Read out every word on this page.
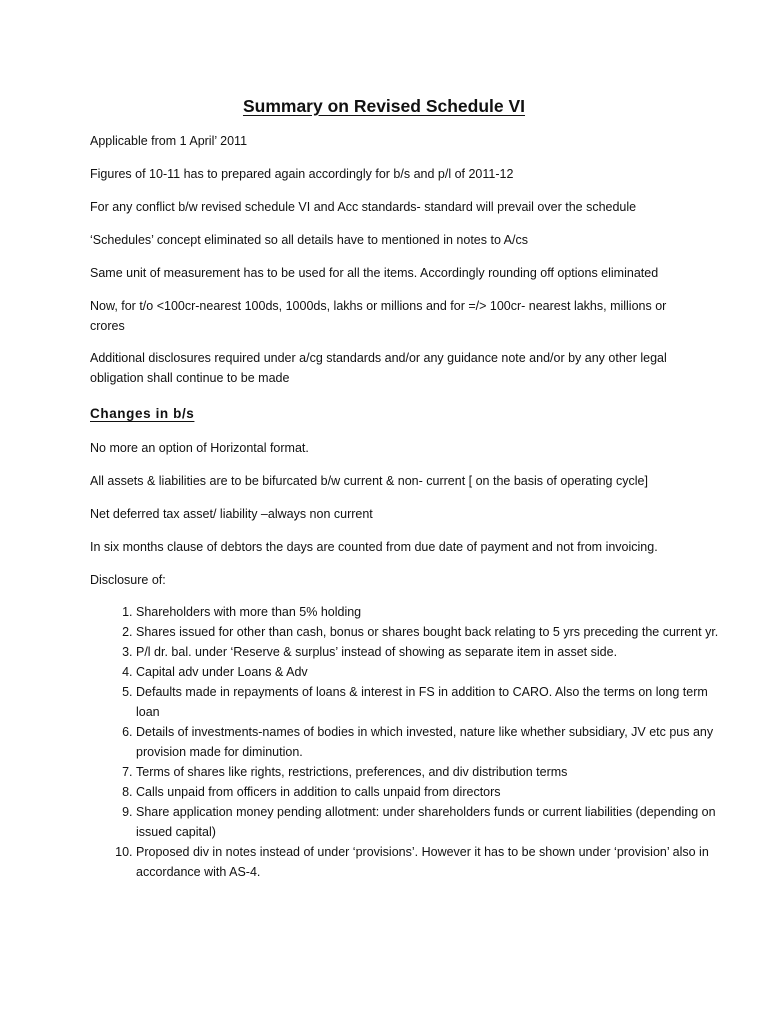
Summary on Revised Schedule VI
Applicable from 1 April’ 2011
Figures of 10-11 has to prepared again accordingly for b/s and p/l of 2011-12
For any conflict b/w revised schedule VI and Acc standards- standard will prevail over the schedule
‘Schedules’ concept eliminated so all details have to mentioned in notes to A/cs
Same unit of measurement has to be used for all the items. Accordingly rounding off options eliminated
Now, for t/o <100cr-nearest 100ds, 1000ds, lakhs or millions and for =/> 100cr- nearest lakhs, millions or crores
Additional disclosures required under a/cg standards and/or any guidance note and/or by any other legal obligation shall continue to be made
Changes in b/s
No more an option of Horizontal format.
All assets & liabilities are to be bifurcated b/w current & non- current [ on the basis of operating cycle]
Net deferred tax asset/ liability –always non current
In six months clause of debtors the days are counted from due date of payment and not from invoicing.
Disclosure of:
1. Shareholders with more than 5% holding
2. Shares issued for other than cash, bonus or shares bought back relating to 5 yrs preceding the current yr.
3. P/l dr. bal. under ‘Reserve & surplus’ instead of showing as separate item in asset side.
4. Capital adv under Loans & Adv
5. Defaults made in repayments of loans & interest in FS in addition to CARO. Also the terms on long term loan
6. Details of investments-names of bodies in which invested, nature like whether subsidiary, JV etc pus any provision made for diminution.
7. Terms of shares like rights, restrictions, preferences, and div distribution terms
8. Calls unpaid from officers in addition to calls unpaid from directors
9. Share application money pending allotment: under shareholders funds or current liabilities (depending on issued capital)
10. Proposed div in notes instead of under ‘provisions’. However it has to be shown under ‘provision’ also in accordance with AS-4.
